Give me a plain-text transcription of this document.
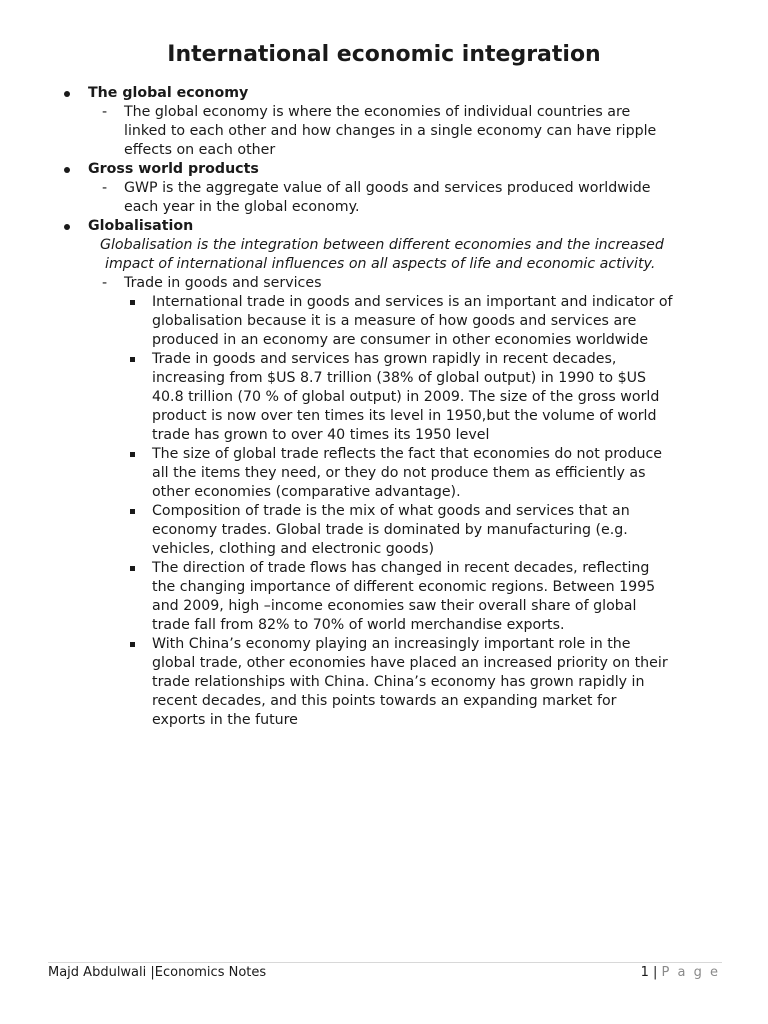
International economic integration
The global economy
- The global economy is where the economies of individual countries are
linked to each other and how changes in a single economy can have ripple
effects on each other
Gross world products
- GWP is the aggregate value of all goods and services produced worldwide
each year in the global economy.
Globalisation
Globalisation is the integration between different economies and the increased
impact of international influences on all aspects of life and economic activity.
- Trade in goods and services
International trade in goods and services is an important and indicator of
globalisation because it is a measure of how goods and services are
produced in an economy are consumer in other economies worldwide
Trade in goods and services has grown rapidly in recent decades,
increasing from $US 8.7 trillion (38% of global output) in 1990 to $US
40.8 trillion (70 % of global output) in 2009. The size of the gross world
product is now over ten times its level in 1950,but the volume of world
trade has grown to over 40 times its 1950 level
The size of global trade reflects the fact that economies do not produce
all the items they need, or they do not produce them as efficiently as
other economies (comparative advantage).
Composition of trade is the mix of what goods and services that an
economy trades. Global trade is dominated by manufacturing (e.g.
vehicles, clothing and electronic goods)
The direction of trade flows has changed in recent decades, reflecting
the changing importance of different economic regions. Between 1995
and 2009, high –income economies saw their overall share of global
trade fall from 82% to 70% of world merchandise exports.
With China’s economy playing an increasingly important role in the
global trade, other economies have placed an increased priority on their
trade relationships with China. China’s economy has grown rapidly in
recent decades, and this points towards an expanding market for
exports in the future
Majd Abdulwali |Economics Notes	1 | P a g e
